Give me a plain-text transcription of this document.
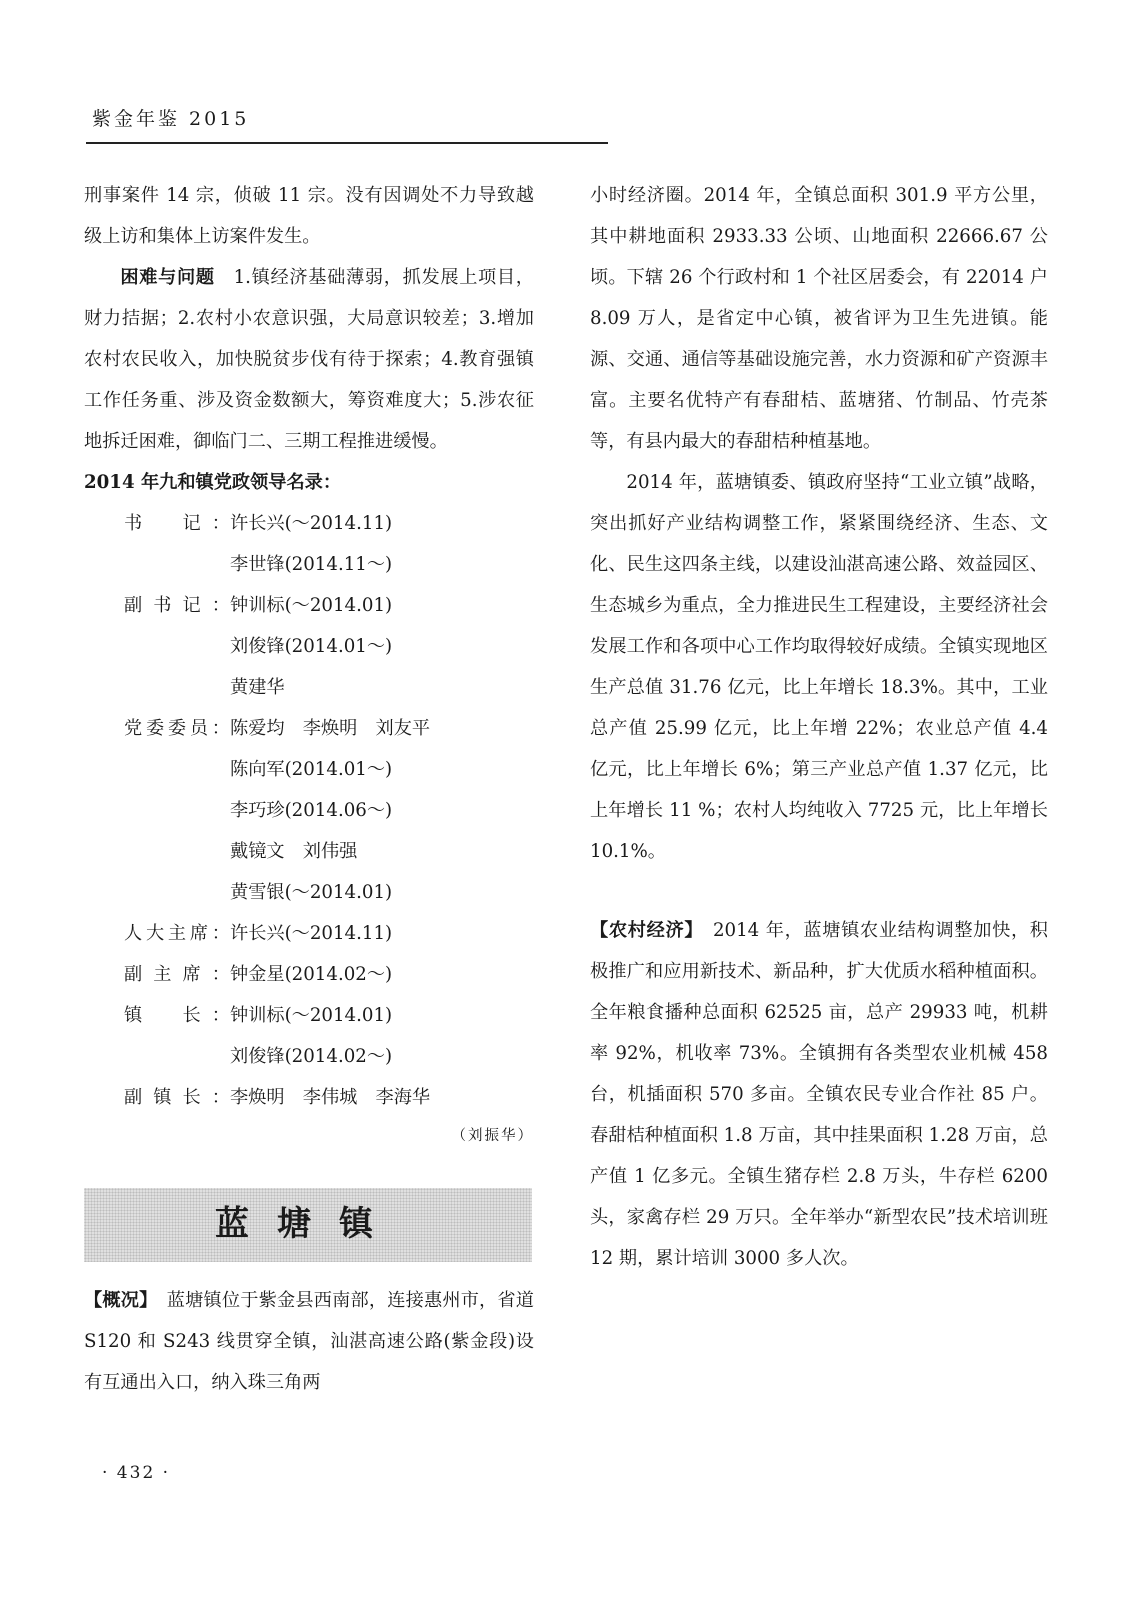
紫金年鉴 2015

刑事案件 14 宗，侦破 11 宗。没有因调处不力导致越级上访和集体上访案件发生。

困难与问题　1.镇经济基础薄弱，抓发展上项目，财力拮据；2.农村小农意识强，大局意识较差；3.增加农村农民收入，加快脱贫步伐有待于探索；4.教育强镇工作任务重、涉及资金数额大，筹资难度大；5.涉农征地拆迁困难，御临门二、三期工程推进缓慢。

2014 年九和镇党政领导名录：

书　记： 许长兴(～2014.11)

李世锋(2014.11～)

副书记： 钟训标(～2014.01)

刘俊锋(2014.01～)

黄建华

党委委员： 陈爱均　李焕明　刘友平

陈向军(2014.01～)

李巧珍(2014.06～)

戴镜文　刘伟强

黄雪银(～2014.01)

人大主席： 许长兴(～2014.11)
副主席： 钟金星(2014.02～)
镇　长： 钟训标(～2014.01)

刘俊锋(2014.02～)

副镇长： 李焕明　李伟城　李海华

（刘振华）

蓝塘镇

【概况】　蓝塘镇位于紫金县西南部，连接惠州市，省道 S120 和 S243 线贯穿全镇，汕湛高速公路(紫金段)设有互通出入口，纳入珠三角两

小时经济圈。2014 年，全镇总面积 301.9 平方公里，其中耕地面积 2933.33 公顷、山地面积 22666.67 公顷。下辖 26 个行政村和 1 个社区居委会，有 22014 户 8.09 万人，是省定中心镇，被省评为卫生先进镇。能源、交通、通信等基础设施完善，水力资源和矿产资源丰富。主要名优特产有春甜桔、蓝塘猪、竹制品、竹壳茶等，有县内最大的春甜桔种植基地。

2014 年，蓝塘镇委、镇政府坚持“工业立镇”战略，突出抓好产业结构调整工作，紧紧围绕经济、生态、文化、民生这四条主线，以建设汕湛高速公路、效益园区、生态城乡为重点，全力推进民生工程建设，主要经济社会发展工作和各项中心工作均取得较好成绩。全镇实现地区生产总值 31.76 亿元，比上年增长 18.3%。其中，工业总产值 25.99 亿元，比上年增 22%；农业总产值 4.4 亿元，比上年增长 6%；第三产业总产值 1.37 亿元，比上年增长 11 %；农村人均纯收入 7725 元，比上年增长 10.1%。

【农村经济】　2014 年，蓝塘镇农业结构调整加快，积极推广和应用新技术、新品种，扩大优质水稻种植面积。全年粮食播种总面积 62525 亩，总产 29933 吨，机耕率 92%，机收率 73%。全镇拥有各类型农业机械 458 台，机插面积 570 多亩。全镇农民专业合作社 85 户。春甜桔种植面积 1.8 万亩，其中挂果面积 1.28 万亩，总产值 1 亿多元。全镇生猪存栏 2.8 万头，牛存栏 6200 头，家禽存栏 29 万只。全年举办“新型农民”技术培训班 12 期，累计培训 3000 多人次。

· 432 ·
